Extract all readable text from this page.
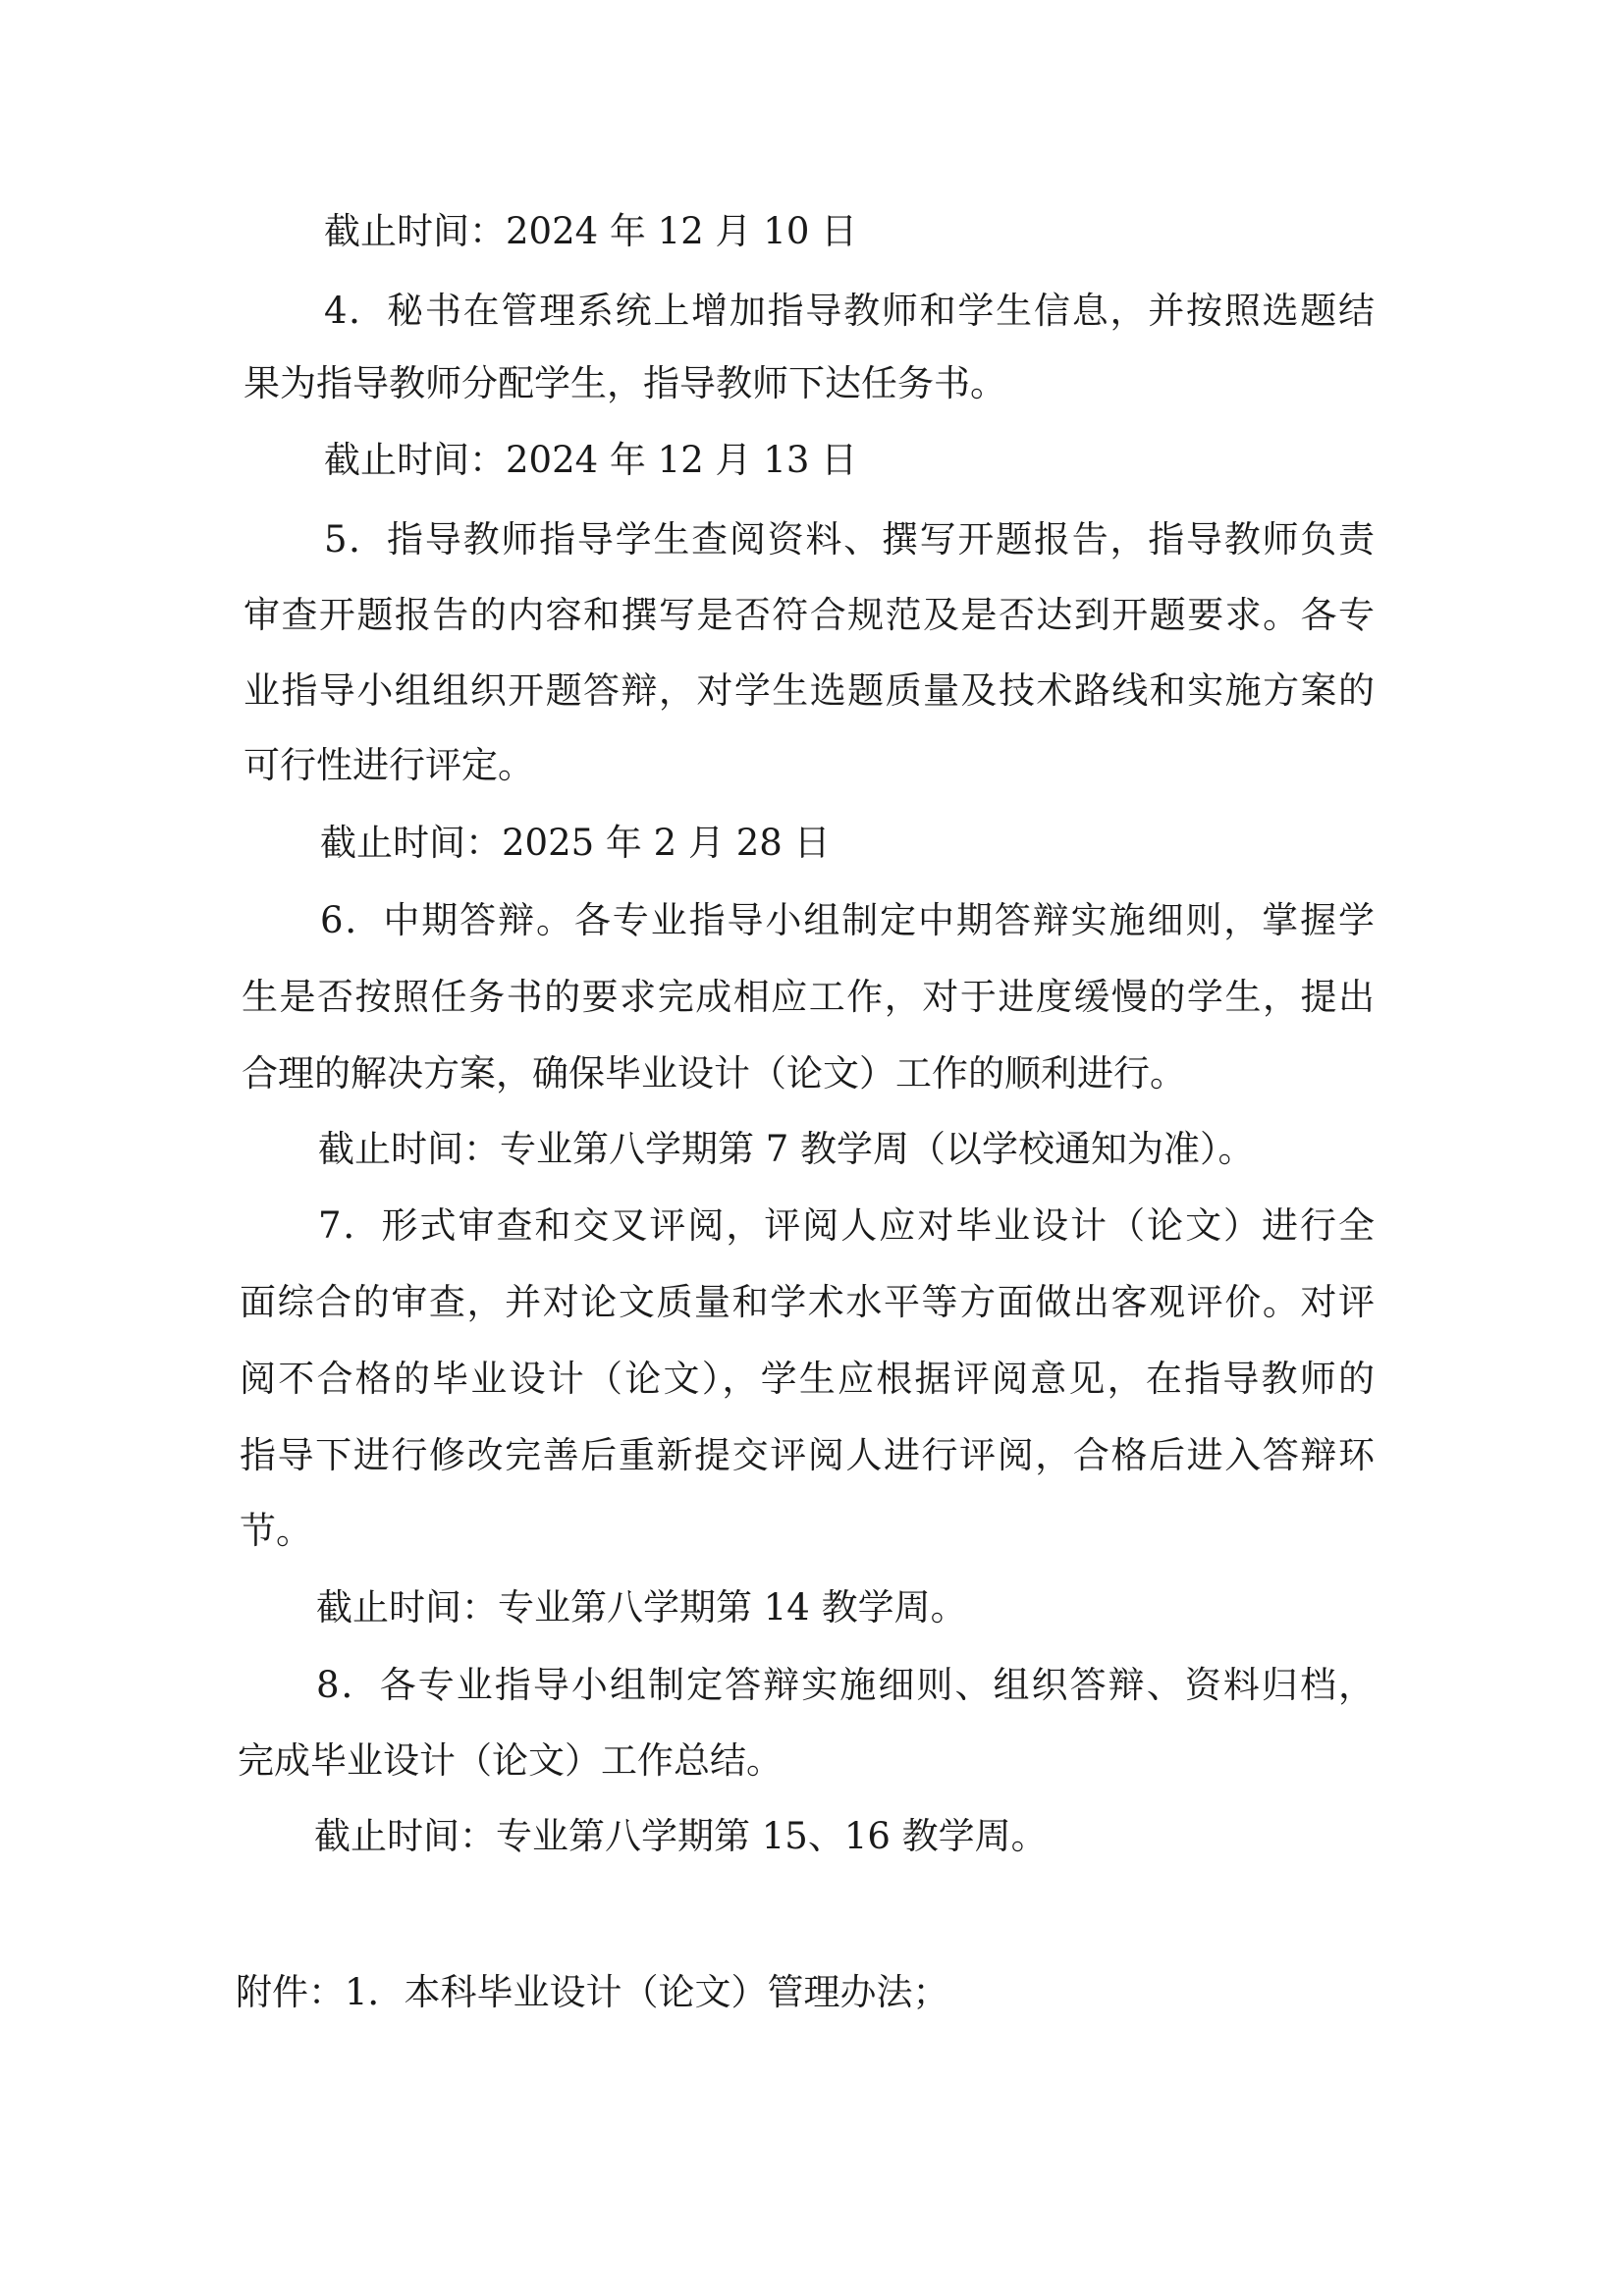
截止时间：2024 年 12 月 10 日
4．秘书在管理系统上增加指导教师和学生信息，并按照选题结
果为指导教师分配学生，指导教师下达任务书。
截止时间：2024 年 12 月 13 日
5．指导教师指导学生查阅资料、撰写开题报告，指导教师负责
审查开题报告的内容和撰写是否符合规范及是否达到开题要求。各专
业指导小组组织开题答辩，对学生选题质量及技术路线和实施方案的
可行性进行评定。
截止时间：2025 年 2 月 28 日
6．中期答辩。各专业指导小组制定中期答辩实施细则，掌握学
生是否按照任务书的要求完成相应工作，对于进度缓慢的学生，提出
合理的解决方案，确保毕业设计（论文）工作的顺利进行。
截止时间：专业第八学期第 7 教学周（以学校通知为准）。
7．形式审查和交叉评阅，评阅人应对毕业设计（论文）进行全
面综合的审查，并对论文质量和学术水平等方面做出客观评价。对评
阅不合格的毕业设计（论文），学生应根据评阅意见，在指导教师的
指导下进行修改完善后重新提交评阅人进行评阅，合格后进入答辩环
节。
截止时间：专业第八学期第 14 教学周。
8．各专业指导小组制定答辩实施细则、组织答辩、资料归档，
完成毕业设计（论文）工作总结。
截止时间：专业第八学期第 15、16 教学周。
附件：1．本科毕业设计（论文）管理办法；
